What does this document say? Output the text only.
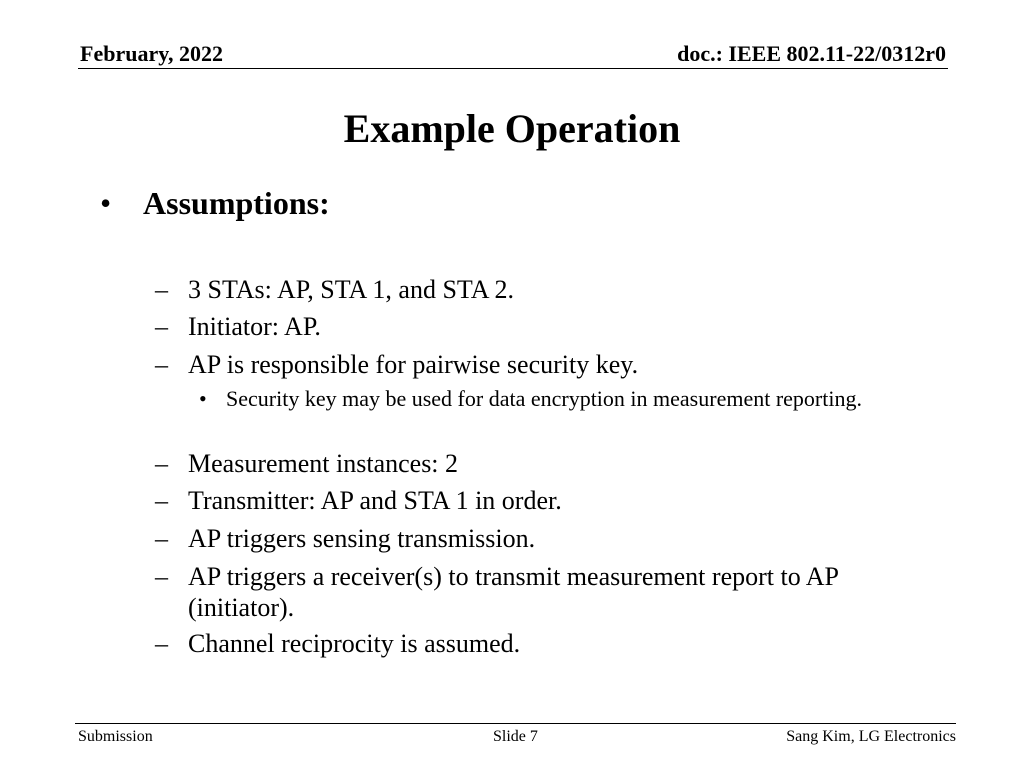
February, 2022	doc.: IEEE 802.11-22/0312r0
Example Operation
• Assumptions:
– 3 STAs: AP, STA 1, and STA 2.
– Initiator: AP.
– AP is responsible for pairwise security key.
• Security key may be used for data encryption in measurement reporting.
– Measurement instances: 2
– Transmitter: AP and STA 1 in order.
– AP triggers sensing transmission.
– AP triggers a receiver(s) to transmit measurement report to AP
(initiator).
– Channel reciprocity is assumed.
Submission	Slide 7	Sang Kim, LG Electronics
